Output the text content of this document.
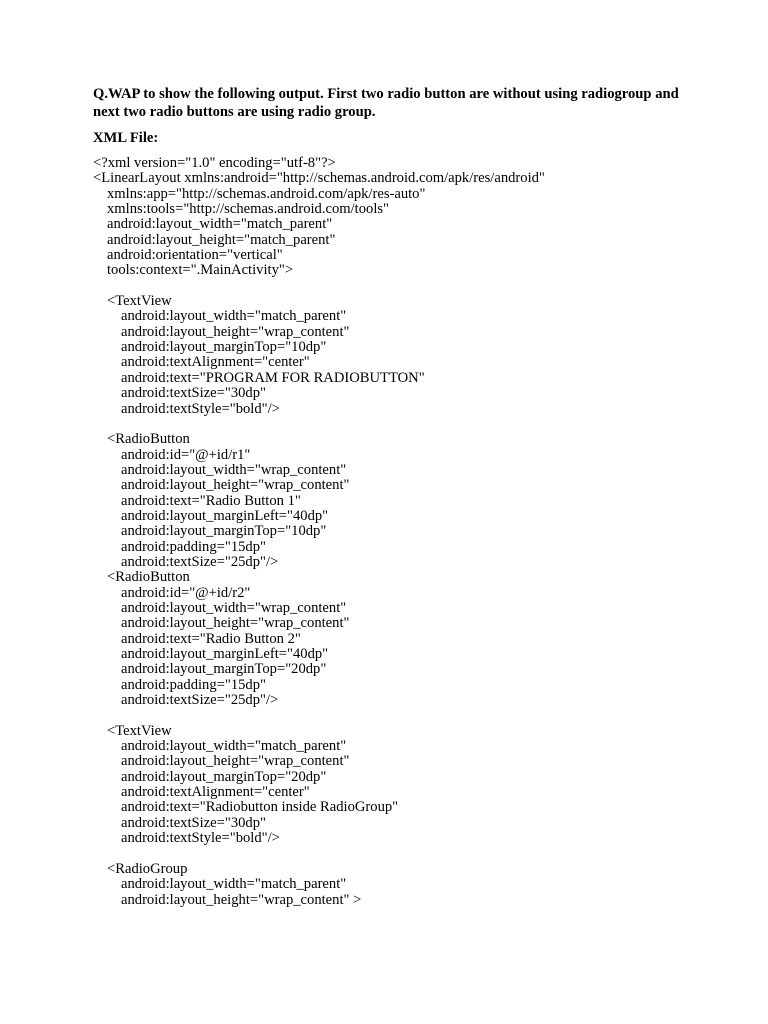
Q.WAP to show the following output. First two radio button are without using radiogroup and
next two radio buttons are using radio group.

XML File:

<?xml version="1.0" encoding="utf-8"?>
<LinearLayout xmlns:android="http://schemas.android.com/apk/res/android"
xmlns:app="http://schemas.android.com/apk/res-auto"
xmlns:tools="http://schemas.android.com/tools"
android:layout_width="match_parent"
android:layout_height="match_parent"
android:orientation="vertical"
tools:context=".MainActivity">
<TextView
android:layout_width="match_parent"
android:layout_height="wrap_content"
android:layout_marginTop="10dp"
android:textAlignment="center"
android:text="PROGRAM FOR RADIOBUTTON"
android:textSize="30dp"
android:textStyle="bold"/>
<RadioButton
android:id="@+id/r1"
android:layout_width="wrap_content"
android:layout_height="wrap_content"
android:text="Radio Button 1"
android:layout_marginLeft="40dp"
android:layout_marginTop="10dp"
android:padding="15dp"
android:textSize="25dp"/>
<RadioButton
android:id="@+id/r2"
android:layout_width="wrap_content"
android:layout_height="wrap_content"
android:text="Radio Button 2"
android:layout_marginLeft="40dp"
android:layout_marginTop="20dp"
android:padding="15dp"
android:textSize="25dp"/>
<TextView
android:layout_width="match_parent"
android:layout_height="wrap_content"
android:layout_marginTop="20dp"
android:textAlignment="center"
android:text="Radiobutton inside RadioGroup"
android:textSize="30dp"
android:textStyle="bold"/>
<RadioGroup
android:layout_width="match_parent"
android:layout_height="wrap_content" >
